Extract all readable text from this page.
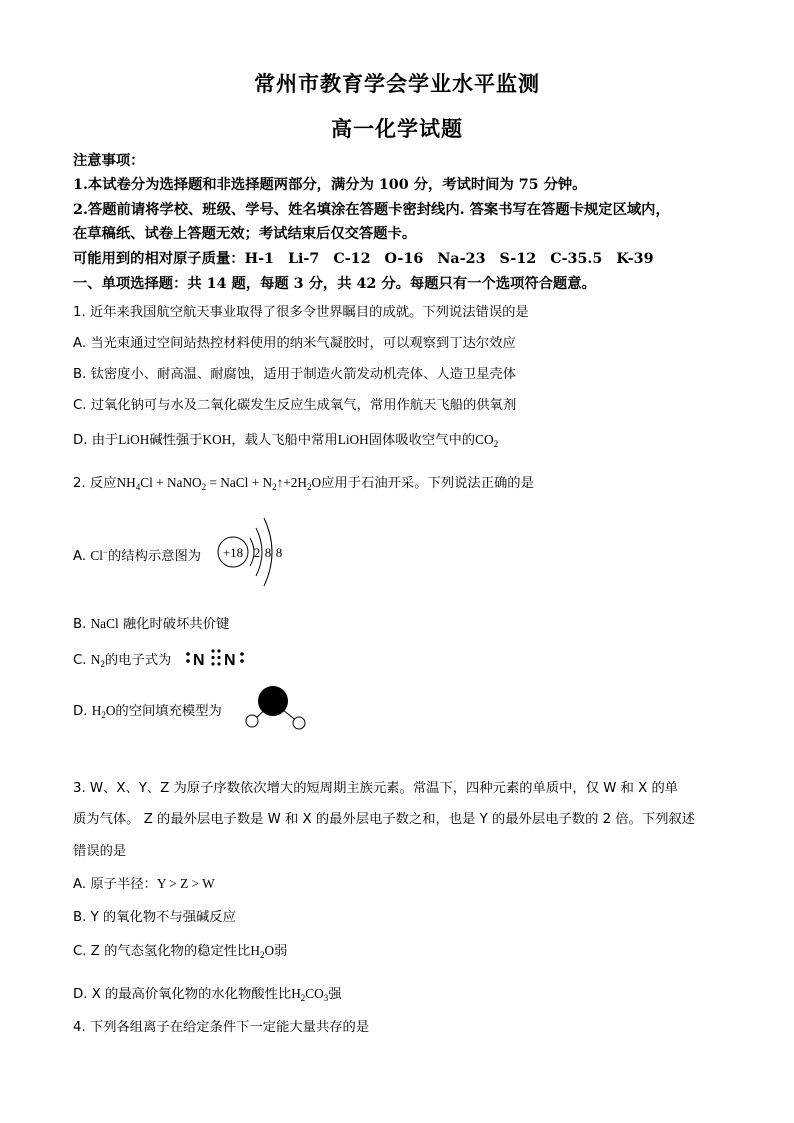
常州市教育学会学业水平监测
高一化学试题
注意事项：
1.本试卷分为选择题和非选择题两部分，满分为 100 分，考试时间为 75 分钟。
2.答题前请将学校、班级、学号、姓名填涂在答题卡密封线内. 答案书写在答题卡规定区域内，
在草稿纸、试卷上答题无效；考试结束后仅交答题卡。
可能用到的相对原子质量：H-1 Li-7 C-12 O-16 Na-23 S-12 C-35.5 K-39
一、单项选择题：共 14 题，每题 3 分，共 42 分。每题只有一个选项符合题意。
1. 近年来我国航空航天事业取得了很多令世界瞩目的成就。下列说法错误的是
A. 当光束通过空间站热控材料使用的纳米气凝胶时，可以观察到丁达尔效应
B. 钛密度小、耐高温、耐腐蚀，适用于制造火箭发动机壳体、人造卫星壳体
C. 过氧化钠可与水及二氧化碳发生反应生成氧气，常用作航天飞船的供氧剂
D. 由于LiOH碱性强于KOH，载人飞船中常用LiOH固体吸收空气中的$CO_2$
2. 反应$NH_4Cl$ + NaNO$_2$ = NaCl + $N_2↑+2H_2O$应用于石油开采。下列说法正确的是
A. Cl−的结构示意图为 +18 2 8 8
B. NaCl 融化时破坏共价键
C. $N_2$的电子式为 N N
D. $H_2O$的空间填充模型为
3. W、X、Y、Z 为原子序数依次增大的短周期主族元素。常温下，四种元素的单质中，仅 W 和 X 的单
质为气体。 Z 的最外层电子数是 W 和 X 的最外层电子数之和，也是 Y 的最外层电子数的 2 倍。下列叙述
错误的是
A. 原子半径：Y > Z > W
B. Y 的氧化物不与强碱反应
C. Z 的气态氢化物的稳定性比$H_2O$弱
D. X 的最高价氧化物的水化物酸性比$H_2CO_3$强
4. 下列各组离子在给定条件下一定能大量共存的是
